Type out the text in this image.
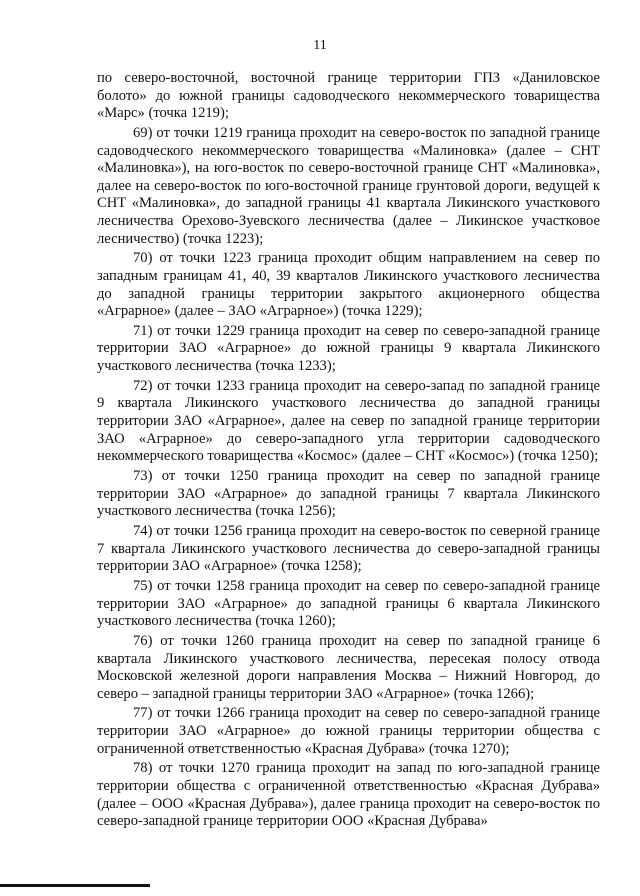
11

по северо-восточной, восточной границе территории ГПЗ «Даниловское болото» до южной границы садоводческого некоммерческого товарищества «Марс» (точка 1219);

69) от точки 1219 граница проходит на северо-восток по западной границе садоводческого некоммерческого товарищества «Малиновка» (далее – СНТ «Малиновка»), на юго-восток по северо-восточной границе СНТ «Малиновка», далее на северо-восток по юго-восточной границе грунтовой дороги, ведущей к СНТ «Малиновка», до западной границы 41 квартала Ликинского участкового лесничества Орехово-Зуевского лесничества (далее – Ликинское участковое лесничество) (точка 1223);

70) от точки 1223 граница проходит общим направлением на север по западным границам 41, 40, 39 кварталов Ликинского участкового лесничества до западной границы территории закрытого акционерного общества «Аграрное» (далее – ЗАО «Аграрное») (точка 1229);

71) от точки 1229 граница проходит на север по северо-западной границе территории ЗАО «Аграрное» до южной границы 9 квартала Ликинского участкового лесничества (точка 1233);

72) от точки 1233 граница проходит на северо-запад по западной границе 9 квартала Ликинского участкового лесничества до западной границы территории ЗАО «Аграрное», далее на север по западной границе территории ЗАО «Аграрное» до северо-западного угла территории садоводческого некоммерческого товарищества «Космос» (далее – СНТ «Космос») (точка 1250);

73) от точки 1250 граница проходит на север по западной границе территории ЗАО «Аграрное» до западной границы 7 квартала Ликинского участкового лесничества (точка 1256);

74) от точки 1256 граница проходит на северо-восток по северной границе 7 квартала Ликинского участкового лесничества до северо-западной границы территории ЗАО «Аграрное» (точка 1258);

75) от точки 1258 граница проходит на север по северо-западной границе территории ЗАО «Аграрное» до западной границы 6 квартала Ликинского участкового лесничества (точка 1260);

76) от точки 1260 граница проходит на север по западной границе 6 квартала Ликинского участкового лесничества, пересекая полосу отвода Московской железной дороги направления Москва – Нижний Новгород, до северо – западной границы территории ЗАО «Аграрное» (точка 1266);

77) от точки 1266 граница проходит на север по северо-западной границе территории ЗАО «Аграрное» до южной границы территории общества с ограниченной ответственностью «Красная Дубрава» (точка 1270);

78) от точки 1270 граница проходит на запад по юго-западной границе территории общества с ограниченной ответственностью «Красная Дубрава» (далее – ООО «Красная Дубрава»), далее граница проходит на северо-восток по северо-западной границе территории ООО «Красная Дубрава»
